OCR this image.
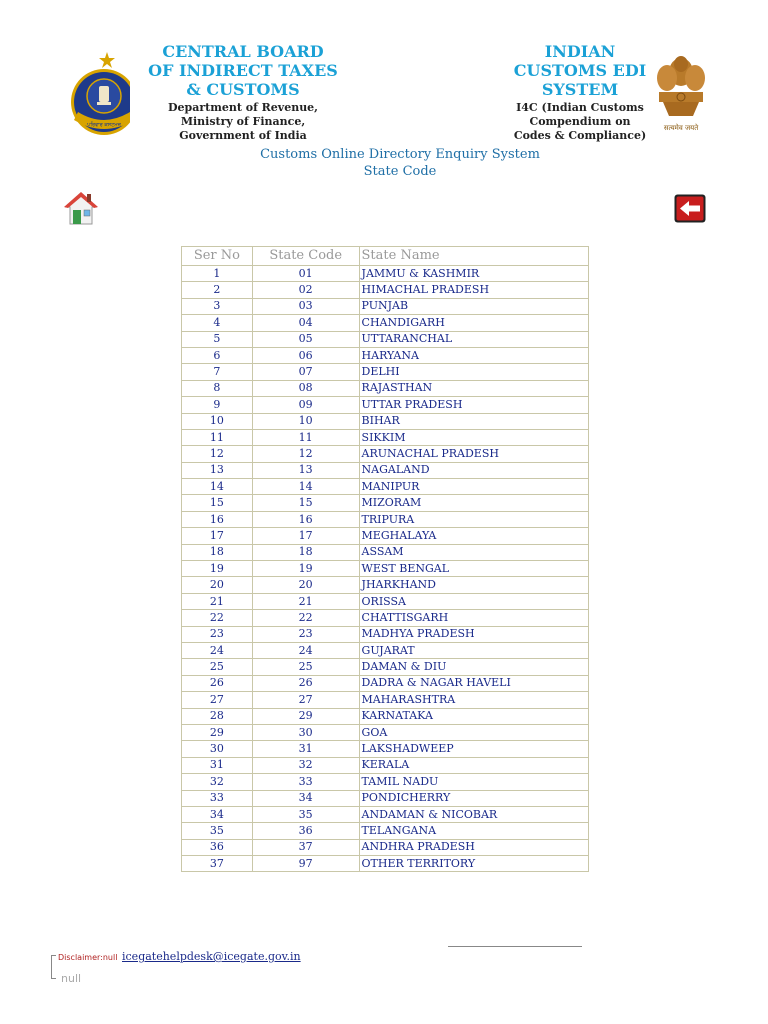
ਪਰਿਵਾਰ ਕਸਟਮਜ਼
CENTRAL BOARD
OF INDIRECT TAXES
& CUSTOMS
Department of Revenue,
Ministry of Finance,
Government of India
INDIAN
CUSTOMS EDI
SYSTEM
I4C (Indian Customs
Compendium on
Codes & Compliance)
सत्यमेव जयते
Customs Online Directory Enquiry System
State Code
Ser No	State Code	State Name
1	01	JAMMU & KASHMIR
2	02	HIMACHAL PRADESH
3	03	PUNJAB
4	04	CHANDIGARH
5	05	UTTARANCHAL
6	06	HARYANA
7	07	DELHI
8	08	RAJASTHAN
9	09	UTTAR PRADESH
10	10	BIHAR
11	11	SIKKIM
12	12	ARUNACHAL PRADESH
13	13	NAGALAND
14	14	MANIPUR
15	15	MIZORAM
16	16	TRIPURA
17	17	MEGHALAYA
18	18	ASSAM
19	19	WEST BENGAL
20	20	JHARKHAND
21	21	ORISSA
22	22	CHATTISGARH
23	23	MADHYA PRADESH
24	24	GUJARAT
25	25	DAMAN & DIU
26	26	DADRA & NAGAR HAVELI
27	27	MAHARASHTRA
28	29	KARNATAKA
29	30	GOA
30	31	LAKSHADWEEP
31	32	KERALA
32	33	TAMIL NADU
33	34	PONDICHERRY
34	35	ANDAMAN & NICOBAR
35	36	TELANGANA
36	37	ANDHRA PRADESH
37	97	OTHER TERRITORY
Disclaimer:null icegatehelpdesk@icegate.gov.in
null
